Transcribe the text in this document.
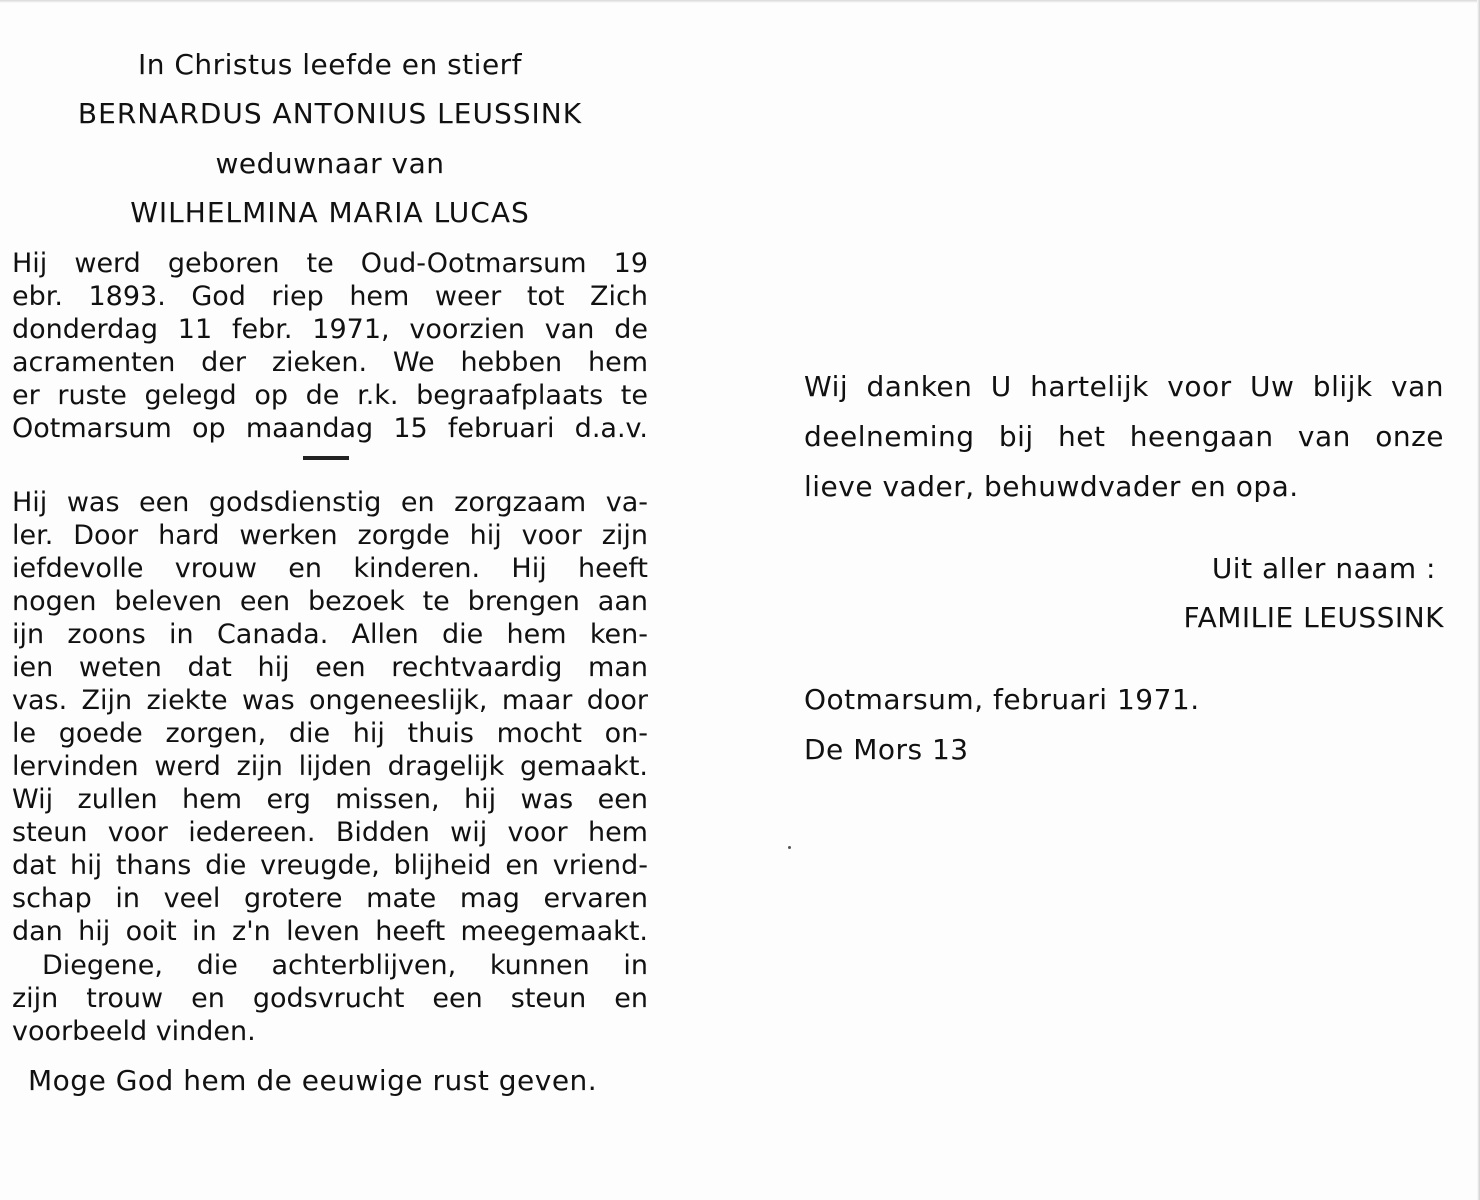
In Christus leefde en stierf
BERNARDUS ANTONIUS LEUSSINK
weduwnaar van
WILHELMINA MARIA LUCAS
Hij werd geboren te Oud-Ootmarsum 19
ebr. 1893. God riep hem weer tot Zich
donderdag 11 febr. 1971, voorzien van de
acramenten der zieken. We hebben hem
er ruste gelegd op de r.k. begraafplaats te
Ootmarsum op maandag 15 februari d.a.v.
Hij was een godsdienstig en zorgzaam va-
ler. Door hard werken zorgde hij voor zijn
iefdevolle vrouw en kinderen. Hij heeft
nogen beleven een bezoek te brengen aan
ijn zoons in Canada. Allen die hem ken-
ien weten dat hij een rechtvaardig man
vas. Zijn ziekte was ongeneeslijk, maar door
le goede zorgen, die hij thuis mocht on-
lervinden werd zijn lijden dragelijk gemaakt.
Wij zullen hem erg missen, hij was een
steun voor iedereen. Bidden wij voor hem
dat hij thans die vreugde, blijheid en vriend-
schap in veel grotere mate mag ervaren
dan hij ooit in z'n leven heeft meegemaakt.
Diegene, die achterblijven, kunnen in
zijn trouw en godsvrucht een steun en
voorbeeld vinden.
Moge God hem de eeuwige rust geven.
Wij danken U hartelijk voor Uw blijk van
deelneming bij het heengaan van onze
lieve vader, behuwdvader en opa.
Uit aller naam :
FAMILIE LEUSSINK
Ootmarsum, februari 1971.
De Mors 13
